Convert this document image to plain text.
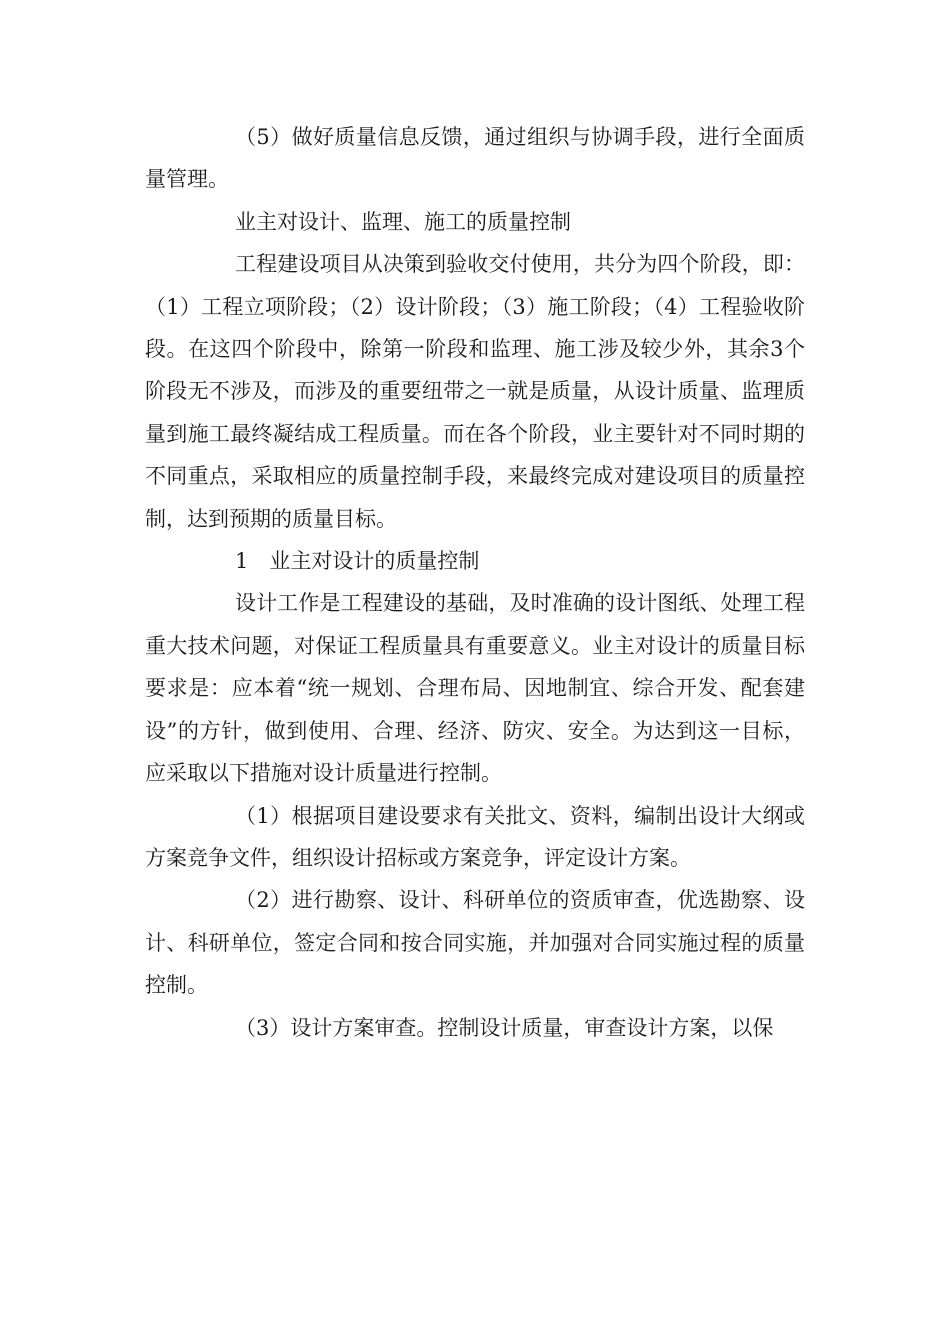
（5）做好质量信息反馈，通过组织与协调手段，进行全面质量管理。

业主对设计、监理、施工的质量控制

工程建设项目从决策到验收交付使用，共分为四个阶段，即：（1）工程立项阶段；（2）设计阶段；（3）施工阶段；（4）工程验收阶段。在这四个阶段中，除第一阶段和监理、施工涉及较少外，其余3个阶段无不涉及，而涉及的重要纽带之一就是质量，从设计质量、监理质量到施工最终凝结成工程质量。而在各个阶段，业主要针对不同时期的不同重点，采取相应的质量控制手段，来最终完成对建设项目的质量控制，达到预期的质量目标。

1　业主对设计的质量控制

设计工作是工程建设的基础，及时准确的设计图纸、处理工程重大技术问题，对保证工程质量具有重要意义。业主对设计的质量目标要求是：应本着“统一规划、合理布局、因地制宜、综合开发、配套建设”的方针，做到使用、合理、经济、防灾、安全。为达到这一目标，应采取以下措施对设计质量进行控制。

（1）根据项目建设要求有关批文、资料，编制出设计大纲或方案竞争文件，组织设计招标或方案竞争，评定设计方案。

（2）进行勘察、设计、科研单位的资质审查，优选勘察、设计、科研单位，签定合同和按合同实施，并加强对合同实施过程的质量控制。

（3）设计方案审查。控制设计质量，审查设计方案，以保
